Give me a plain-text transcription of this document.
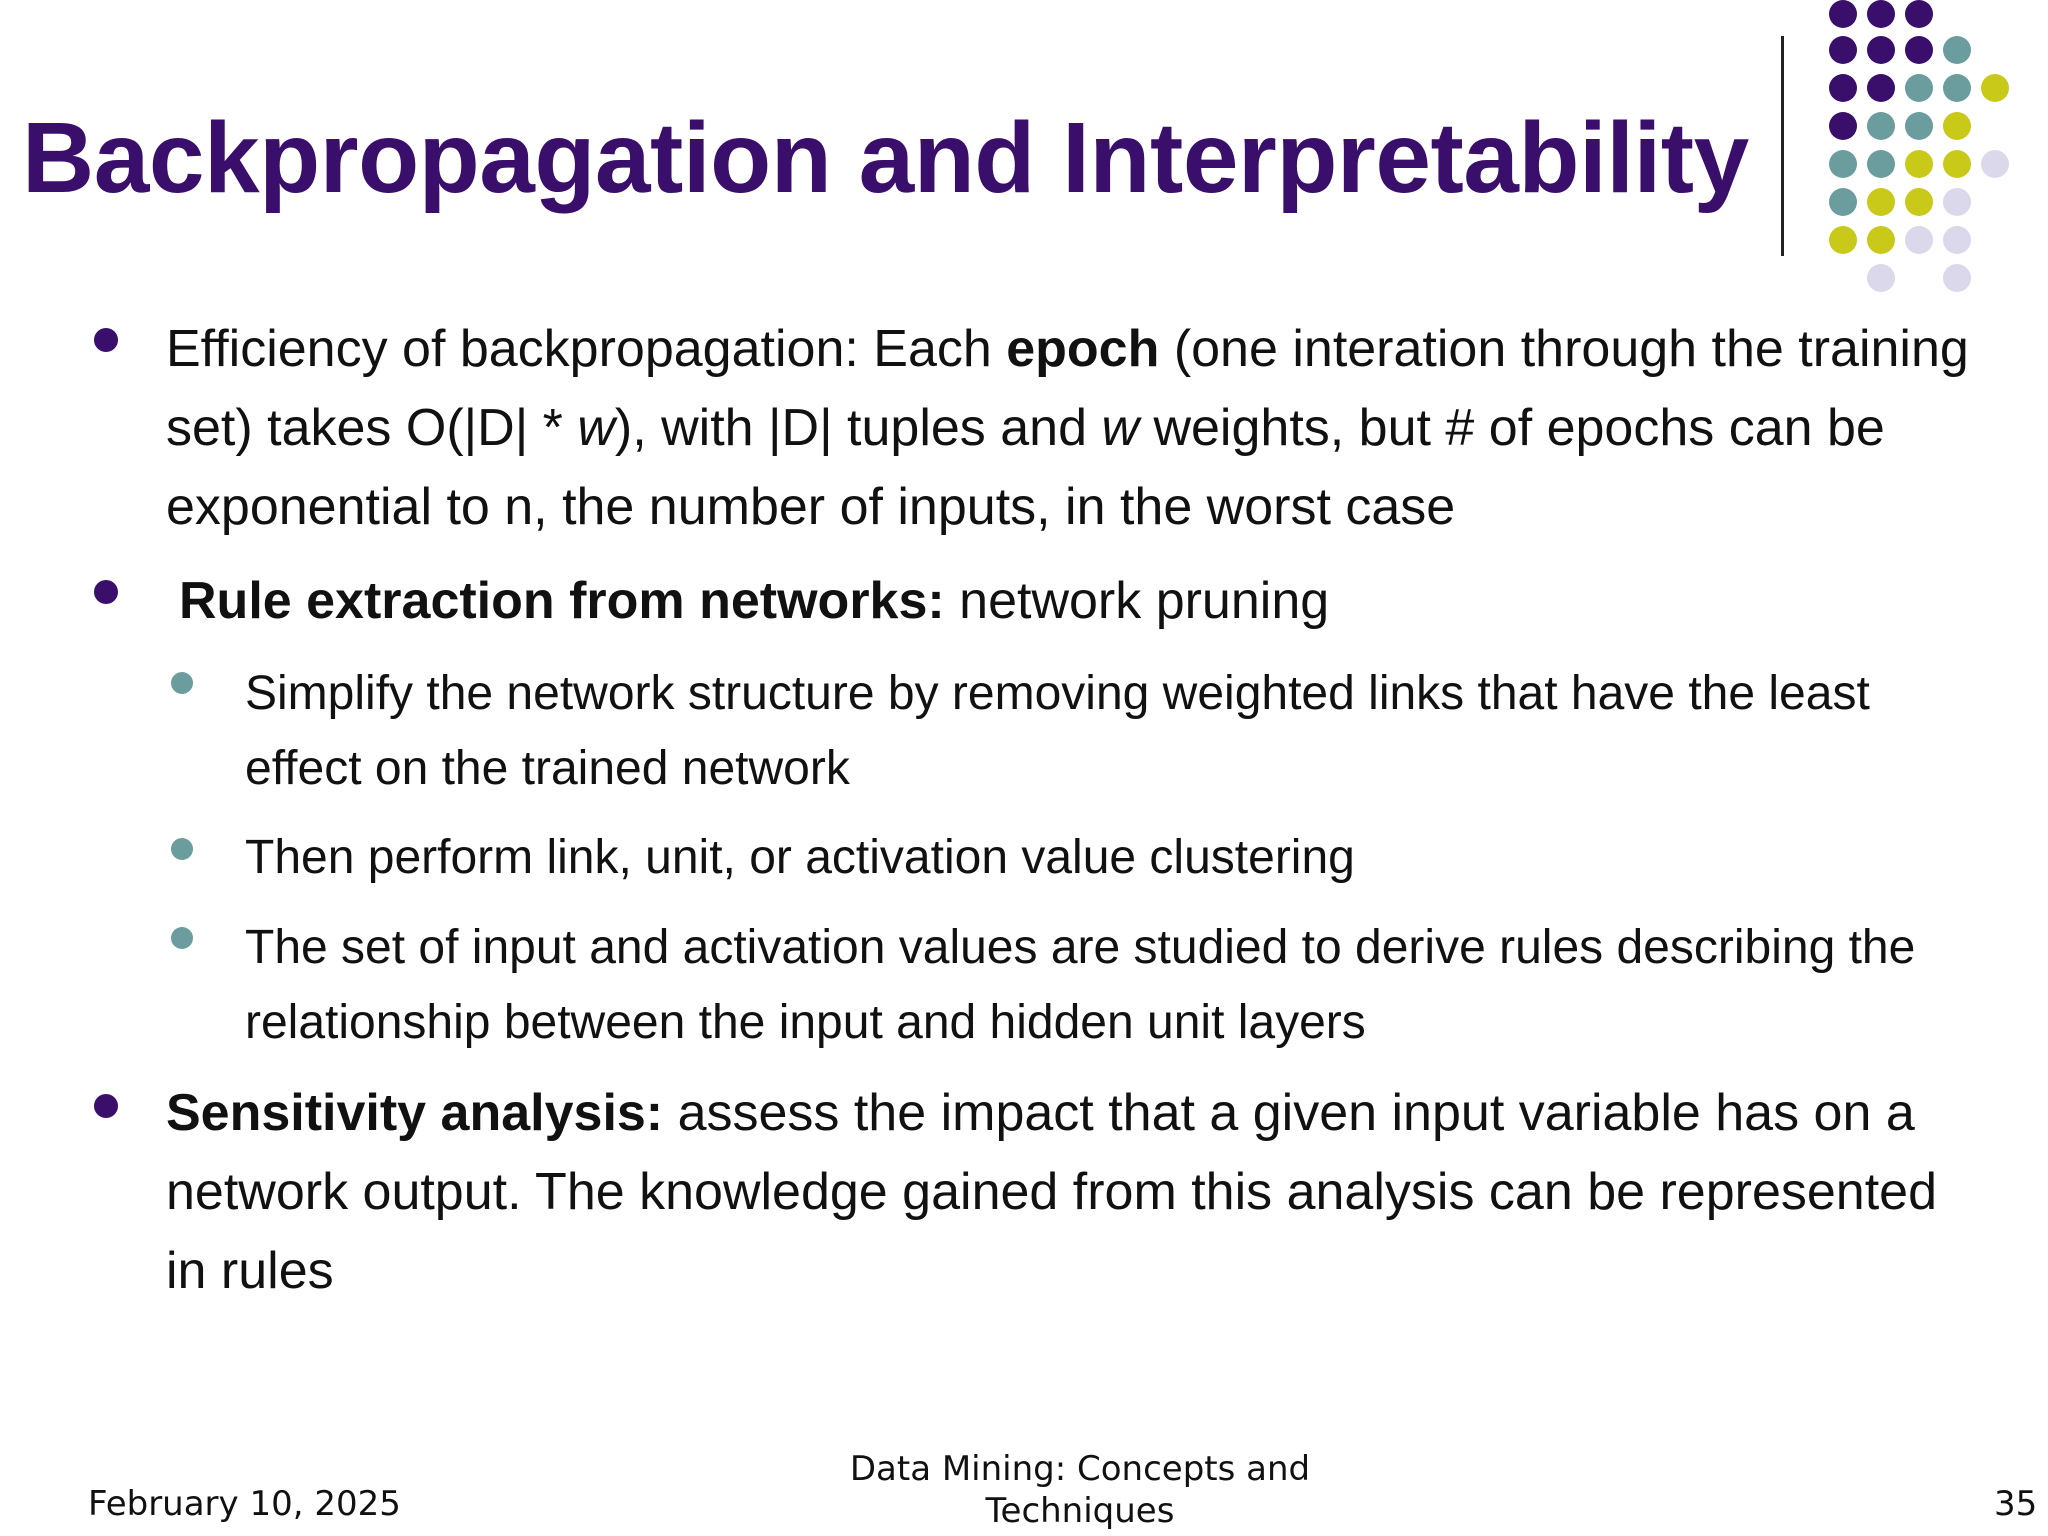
Backpropagation and Interpretability
Efficiency of backpropagation: Each epoch (one interation through the training set) takes O(|D| * w), with |D| tuples and w weights, but # of epochs can be exponential to n, the number of inputs, in the worst case
Rule extraction from networks: network pruning
Simplify the network structure by removing weighted links that have the least effect on the trained network
Then perform link, unit, or activation value clustering
The set of input and activation values are studied to derive rules describing the relationship between the input and hidden unit layers
Sensitivity analysis: assess the impact that a given input variable has on a network output. The knowledge gained from this analysis can be represented in rules
February 10, 2025
Data Mining: Concepts and Techniques	35
